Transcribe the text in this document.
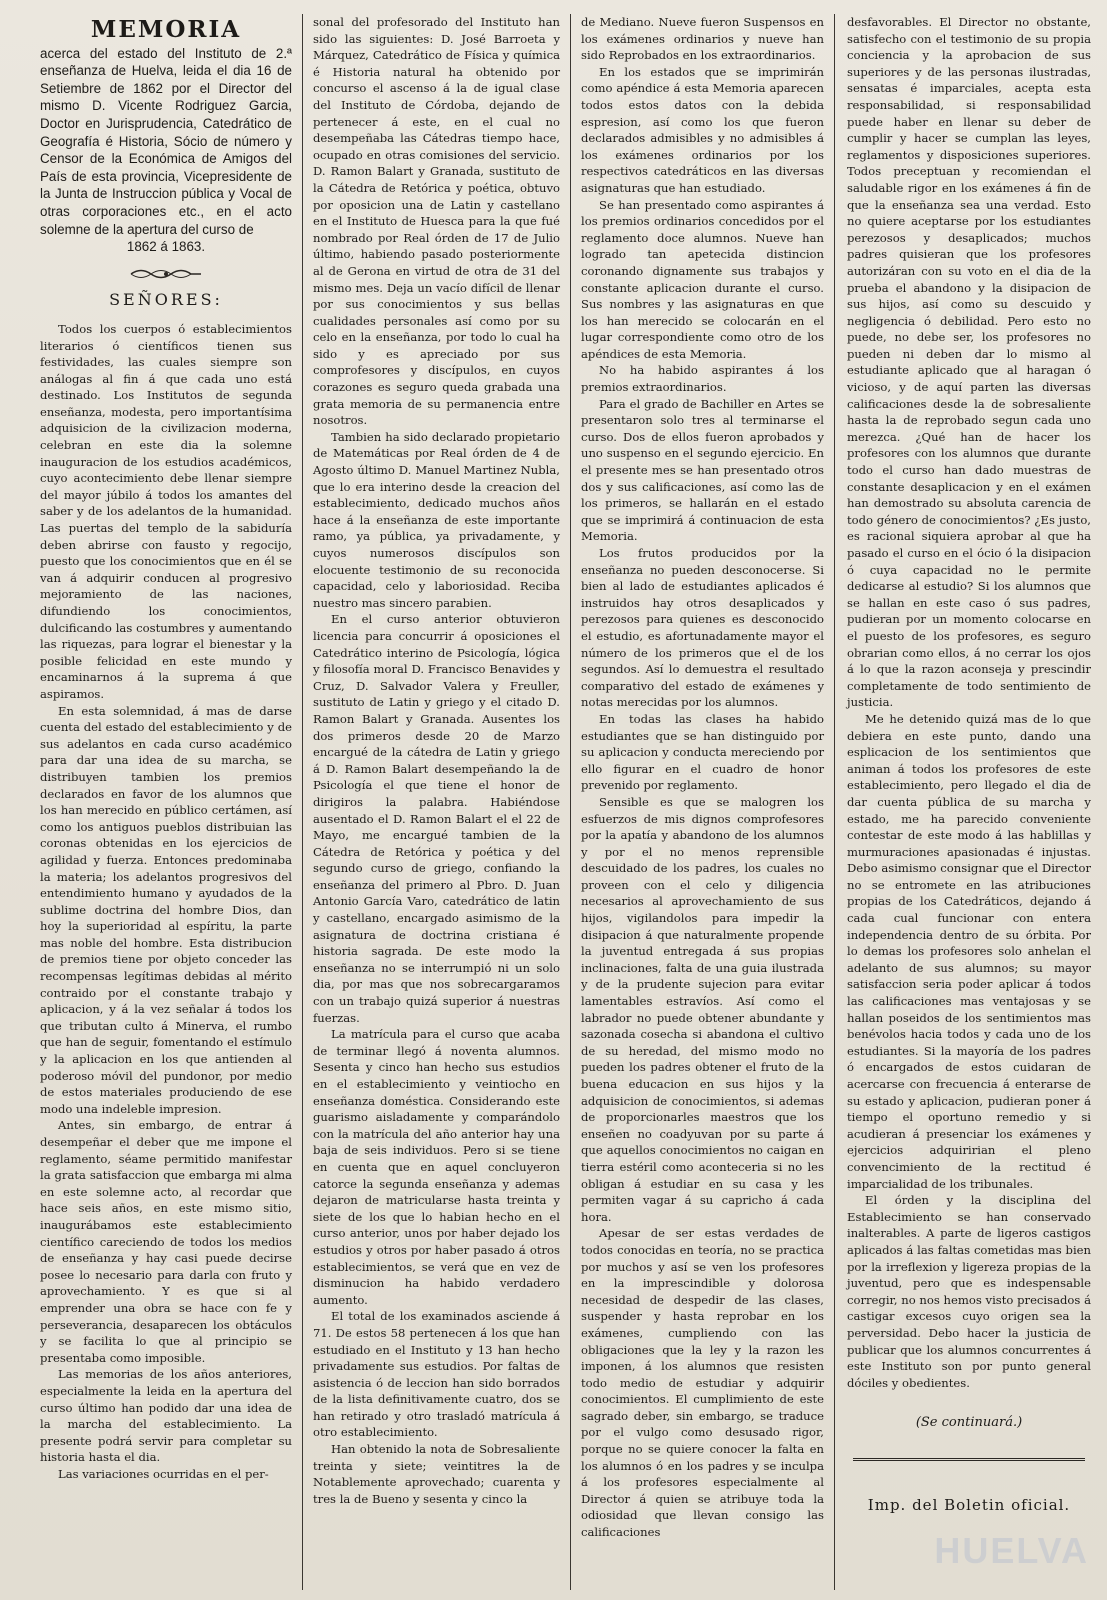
MEMORIA
acerca del estado del Instituto de 2.ª enseñanza de Huelva, leida el dia 16 de Setiembre de 1862 por el Director del mismo D. Vicente Rodriguez Garcia, Doctor en Jurisprudencia, Catedrático de Geografía é Historia, Sócio de número y Censor de la Económica de Amigos del País de esta provincia, Vicepresidente de la Junta de Instruccion pública y Vocal de otras corporaciones etc., en el acto solemne de la apertura del curso de
1862 á 1863.
SEÑORES:

Todos los cuerpos ó establecimientos literarios ó científicos tienen sus festividades, las cuales siempre son análogas al fin á que cada uno está destinado. Los Institutos de segunda enseñanza, modesta, pero importantísima adquisicion de la civilizacion moderna, celebran en este dia la solemne inauguracion de los estudios académicos, cuyo acontecimiento debe llenar siempre del mayor júbilo á todos los amantes del saber y de los adelantos de la humanidad. Las puertas del templo de la sabiduría deben abrirse con fausto y regocijo, puesto que los conocimientos que en él se van á adquirir conducen al progresivo mejoramiento de las naciones, difundiendo los conocimientos, dulcificando las costumbres y aumentando las riquezas, para lograr el bienestar y la posible felicidad en este mundo y encaminarnos á la suprema á que aspiramos.

En esta solemnidad, á mas de darse cuenta del estado del establecimiento y de sus adelantos en cada curso académico para dar una idea de su marcha, se distribuyen tambien los premios declarados en favor de los alumnos que los han merecido en público certámen, así como los antiguos pueblos distribuian las coronas obtenidas en los ejercicios de agilidad y fuerza. Entonces predominaba la materia; los adelantos progresivos del entendimiento humano y ayudados de la sublime doctrina del hombre Dios, dan hoy la superioridad al espíritu, la parte mas noble del hombre. Esta distribucion de premios tiene por objeto conceder las recompensas legítimas debidas al mérito contraido por el constante trabajo y aplicacion, y á la vez señalar á todos los que tributan culto á Minerva, el rumbo que han de seguir, fomentando el estímulo y la aplicacion en los que antienden al poderoso móvil del pundonor, por medio de estos materiales produciendo de ese modo una indeleble impresion.

Antes, sin embargo, de entrar á desempeñar el deber que me impone el reglamento, séame permitido manifestar la grata satisfaccion que embarga mi alma en este solemne acto, al recordar que hace seis años, en este mismo sitio, inaugurábamos este establecimiento científico careciendo de todos los medios de enseñanza y hay casi puede decirse posee lo necesario para darla con fruto y aprovechamiento. Y es que si al emprender una obra se hace con fe y perseverancia, desaparecen los obtáculos y se facilita lo que al principio se presentaba como imposible.

Las memorias de los años anteriores, especialmente la leida en la apertura del curso último han podido dar una idea de la marcha del establecimiento. La presente podrá servir para completar su historia hasta el dia.

Las variaciones ocurridas en el per-

sonal del profesorado del Instituto han sido las siguientes: D. José Barroeta y Márquez, Catedrático de Física y química é Historia natural ha obtenido por concurso el ascenso á la de igual clase del Instituto de Córdoba, dejando de pertenecer á este, en el cual no desempeñaba las Cátedras tiempo hace, ocupado en otras comisiones del servicio. D. Ramon Balart y Granada, sustituto de la Cátedra de Retórica y poética, obtuvo por oposicion una de Latin y castellano en el Instituto de Huesca para la que fué nombrado por Real órden de 17 de Julio último, habiendo pasado posteriormente al de Gerona en virtud de otra de 31 del mismo mes. Deja un vacío difícil de llenar por sus conocimientos y sus bellas cualidades personales así como por su celo en la enseñanza, por todo lo cual ha sido y es apreciado por sus comprofesores y discípulos, en cuyos corazones es seguro queda grabada una grata memoria de su permanencia entre nosotros.

Tambien ha sido declarado propietario de Matemáticas por Real órden de 4 de Agosto último D. Manuel Martinez Nubla, que lo era interino desde la creacion del establecimiento, dedicado muchos años hace á la enseñanza de este importante ramo, ya pública, ya privadamente, y cuyos numerosos discípulos son elocuente testimonio de su reconocida capacidad, celo y laboriosidad. Reciba nuestro mas sincero parabien.

En el curso anterior obtuvieron licencia para concurrir á oposiciones el Catedrático interino de Psicología, lógica y filosofía moral D. Francisco Benavides y Cruz, D. Salvador Valera y Freuller, sustituto de Latin y griego y el citado D. Ramon Balart y Granada. Ausentes los dos primeros desde 20 de Marzo encargué de la cátedra de Latin y griego á D. Ramon Balart desempeñando la de Psicología el que tiene el honor de dirigiros la palabra. Habiéndose ausentado el D. Ramon Balart el el 22 de Mayo, me encargué tambien de la Cátedra de Retórica y poética y del segundo curso de griego, confiando la enseñanza del primero al Pbro. D. Juan Antonio García Varo, catedrático de latin y castellano, encargado asimismo de la asignatura de doctrina cristiana é historia sagrada. De este modo la enseñanza no se interrumpió ni un solo dia, por mas que nos sobrecargaramos con un trabajo quizá superior á nuestras fuerzas.

La matrícula para el curso que acaba de terminar llegó á noventa alumnos. Sesenta y cinco han hecho sus estudios en el establecimiento y veintiocho en enseñanza doméstica. Considerando este guarismo aisladamente y comparándolo con la matrícula del año anterior hay una baja de seis individuos. Pero si se tiene en cuenta que en aquel concluyeron catorce la segunda enseñanza y ademas dejaron de matricularse hasta treinta y siete de los que lo habian hecho en el curso anterior, unos por haber dejado los estudios y otros por haber pasado á otros establecimientos, se verá que en vez de disminucion ha habido verdadero aumento.

El total de los examinados asciende á 71. De estos 58 pertenecen á los que han estudiado en el Instituto y 13 han hecho privadamente sus estudios. Por faltas de asistencia ó de leccion han sido borrados de la lista definitivamente cuatro, dos se han retirado y otro trasladó matrícula á otro establecimiento.

Han obtenido la nota de Sobresaliente treinta y siete; veintitres la de Notablemente aprovechado; cuarenta y tres la de Bueno y sesenta y cinco la

de Mediano. Nueve fueron Suspensos en los exámenes ordinarios y nueve han sido Reprobados en los extraordinarios.

En los estados que se imprimirán como apéndice á esta Memoria aparecen todos estos datos con la debida espresion, así como los que fueron declarados admisibles y no admisibles á los exámenes ordinarios por los respectivos catedráticos en las diversas asignaturas que han estudiado.

Se han presentado como aspirantes á los premios ordinarios concedidos por el reglamento doce alumnos. Nueve han logrado tan apetecida distincion coronando dignamente sus trabajos y constante aplicacion durante el curso. Sus nombres y las asignaturas en que los han merecido se colocarán en el lugar correspondiente como otro de los apéndices de esta Memoria.

No ha habido aspirantes á los premios extraordinarios.

Para el grado de Bachiller en Artes se presentaron solo tres al terminarse el curso. Dos de ellos fueron aprobados y uno suspenso en el segundo ejercicio. En el presente mes se han presentado otros dos y sus calificaciones, así como las de los primeros, se hallarán en el estado que se imprimirá á continuacion de esta Memoria.

Los frutos producidos por la enseñanza no pueden desconocerse. Si bien al lado de estudiantes aplicados é instruidos hay otros desaplicados y perezosos para quienes es desconocido el estudio, es afortunadamente mayor el número de los primeros que el de los segundos. Así lo demuestra el resultado comparativo del estado de exámenes y notas merecidas por los alumnos.

En todas las clases ha habido estudiantes que se han distinguido por su aplicacion y conducta mereciendo por ello figurar en el cuadro de honor prevenido por reglamento.

Sensible es que se malogren los esfuerzos de mis dignos comprofesores por la apatía y abandono de los alumnos y por el no menos reprensible descuidado de los padres, los cuales no proveen con el celo y diligencia necesarios al aprovechamiento de sus hijos, vigilandolos para impedir la disipacion á que naturalmente propende la juventud entregada á sus propias inclinaciones, falta de una guia ilustrada y de la prudente sujecion para evitar lamentables estravíos. Así como el labrador no puede obtener abundante y sazonada cosecha si abandona el cultivo de su heredad, del mismo modo no pueden los padres obtener el fruto de la buena educacion en sus hijos y la adquisicion de conocimientos, si ademas de proporcionarles maestros que los enseñen no coadyuvan por su parte á que aquellos conocimientos no caigan en tierra estéril como aconteceria si no les obligan á estudiar en su casa y les permiten vagar á su capricho á cada hora.

Apesar de ser estas verdades de todos conocidas en teoría, no se practica por muchos y así se ven los profesores en la imprescindible y dolorosa necesidad de despedir de las clases, suspender y hasta reprobar en los exámenes, cumpliendo con las obligaciones que la ley y la razon les imponen, á los alumnos que resisten todo medio de estudiar y adquirir conocimientos. El cumplimiento de este sagrado deber, sin embargo, se traduce por el vulgo como desusado rigor, porque no se quiere conocer la falta en los alumnos ó en los padres y se inculpa á los profesores especialmente al Director á quien se atribuye toda la odiosidad que llevan consigo las calificaciones

desfavorables. El Director no obstante, satisfecho con el testimonio de su propia conciencia y la aprobacion de sus superiores y de las personas ilustradas, sensatas é imparciales, acepta esta responsabilidad, si responsabilidad puede haber en llenar su deber de cumplir y hacer se cumplan las leyes, reglamentos y disposiciones superiores. Todos preceptuan y recomiendan el saludable rigor en los exámenes á fin de que la enseñanza sea una verdad. Esto no quiere aceptarse por los estudiantes perezosos y desaplicados; muchos padres quisieran que los profesores autorizáran con su voto en el dia de la prueba el abandono y la disipacion de sus hijos, así como su descuido y negligencia ó debilidad. Pero esto no puede, no debe ser, los profesores no pueden ni deben dar lo mismo al estudiante aplicado que al haragan ó vicioso, y de aquí parten las diversas calificaciones desde la de sobresaliente hasta la de reprobado segun cada uno merezca. ¿Qué han de hacer los profesores con los alumnos que durante todo el curso han dado muestras de constante desaplicacion y en el exámen han demostrado su absoluta carencia de todo género de conocimientos? ¿Es justo, es racional siquiera aprobar al que ha pasado el curso en el ócio ó la disipacion ó cuya capacidad no le permite dedicarse al estudio? Si los alumnos que se hallan en este caso ó sus padres, pudieran por un momento colocarse en el puesto de los profesores, es seguro obrarian como ellos, á no cerrar los ojos á lo que la razon aconseja y prescindir completamente de todo sentimiento de justicia.

Me he detenido quizá mas de lo que debiera en este punto, dando una esplicacion de los sentimientos que animan á todos los profesores de este establecimiento, pero llegado el dia de dar cuenta pública de su marcha y estado, me ha parecido conveniente contestar de este modo á las hablillas y murmuraciones apasionadas é injustas. Debo asimismo consignar que el Director no se entromete en las atribuciones propias de los Catedráticos, dejando á cada cual funcionar con entera independencia dentro de su órbita. Por lo demas los profesores solo anhelan el adelanto de sus alumnos; su mayor satisfaccion seria poder aplicar á todos las calificaciones mas ventajosas y se hallan poseidos de los sentimientos mas benévolos hacia todos y cada uno de los estudiantes. Si la mayoría de los padres ó encargados de estos cuidaran de acercarse con frecuencia á enterarse de su estado y aplicacion, pudieran poner á tiempo el oportuno remedio y si acudieran á presenciar los exámenes y ejercicios adquiririan el pleno convencimiento de la rectitud é imparcialidad de los tribunales.

El órden y la disciplina del Establecimiento se han conservado inalterables. A parte de ligeros castigos aplicados á las faltas cometidas mas bien por la irreflexion y ligereza propias de la juventud, pero que es indespensable corregir, no nos hemos visto precisados á castigar excesos cuyo origen sea la perversidad. Debo hacer la justicia de publicar que los alumnos concurrentes á este Instituto son por punto general dóciles y obedientes.

(Se continuará.)
Imp. del Boletin oficial.
HUELVA
